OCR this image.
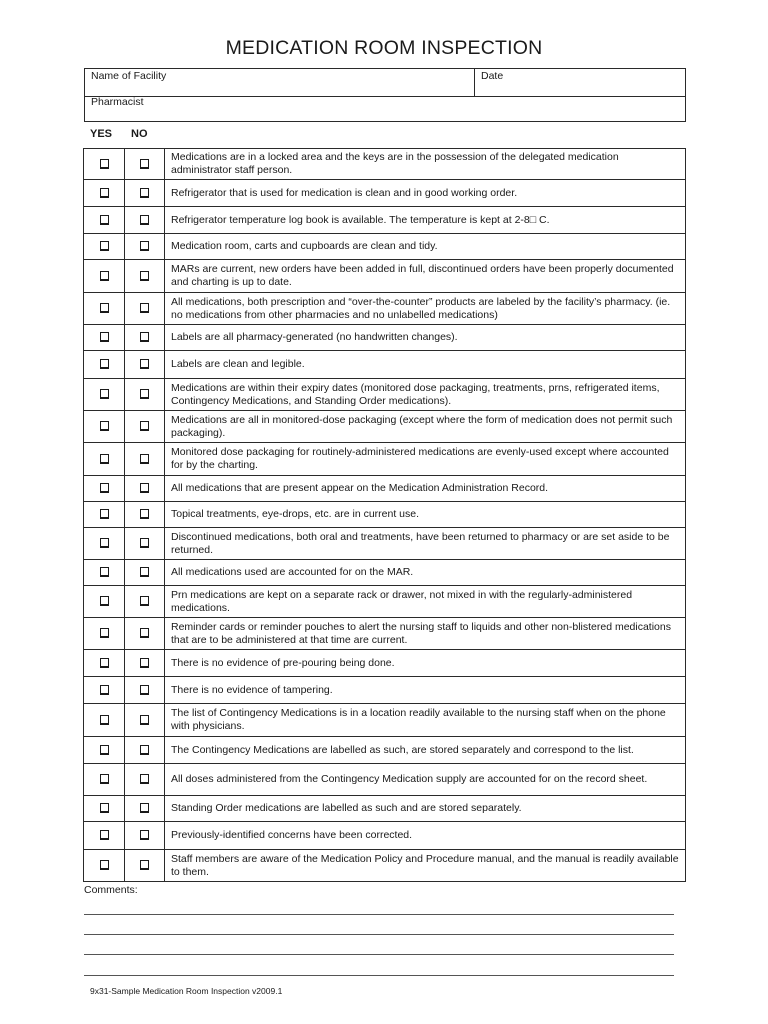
MEDICATION ROOM INSPECTION
Name of Facility	Date
Pharmacist
YES NO
		Medications are in a locked area and the keys are in the possession of the delegated medication administrator staff person.
		Refrigerator that is used for medication is clean and in good working order.
		Refrigerator temperature log book is available. The temperature is kept at 2-8□ C.
		Medication room, carts and cupboards are clean and tidy.
		MARs are current, new orders have been added in full, discontinued orders have been properly documented and charting is up to date.
		All medications, both prescription and “over-the-counter” products are labeled by the facility’s pharmacy. (ie. no medications from other pharmacies and no unlabelled medications)
		Labels are all pharmacy-generated (no handwritten changes).
		Labels are clean and legible.
		Medications are within their expiry dates (monitored dose packaging, treatments, prns, refrigerated items, Contingency Medications, and Standing Order medications).
		Medications are all in monitored-dose packaging (except where the form of medication does not permit such packaging).
		Monitored dose packaging for routinely-administered medications are evenly-used except where accounted for by the charting.
		All medications that are present appear on the Medication Administration Record.
		Topical treatments, eye-drops, etc. are in current use.
		Discontinued medications, both oral and treatments, have been returned to pharmacy or are set aside to be returned.
		All medications used are accounted for on the MAR.
		Prn medications are kept on a separate rack or drawer, not mixed in with the regularly-administered medications.
		Reminder cards or reminder pouches to alert the nursing staff to liquids and other non-blistered medications that are to be administered at that time are current.
		There is no evidence of pre-pouring being done.
		There is no evidence of tampering.
		The list of Contingency Medications is in a location readily available to the nursing staff when on the phone with physicians.
		The Contingency Medications are labelled as such, are stored separately and correspond to the list.
		All doses administered from the Contingency Medication supply are accounted for on the record sheet.
		Standing Order medications are labelled as such and are stored separately.
		Previously-identified concerns have been corrected.
		Staff members are aware of the Medication Policy and Procedure manual, and the manual is readily available to them.
Comments:
9x31-Sample Medication Room Inspection v2009.1
